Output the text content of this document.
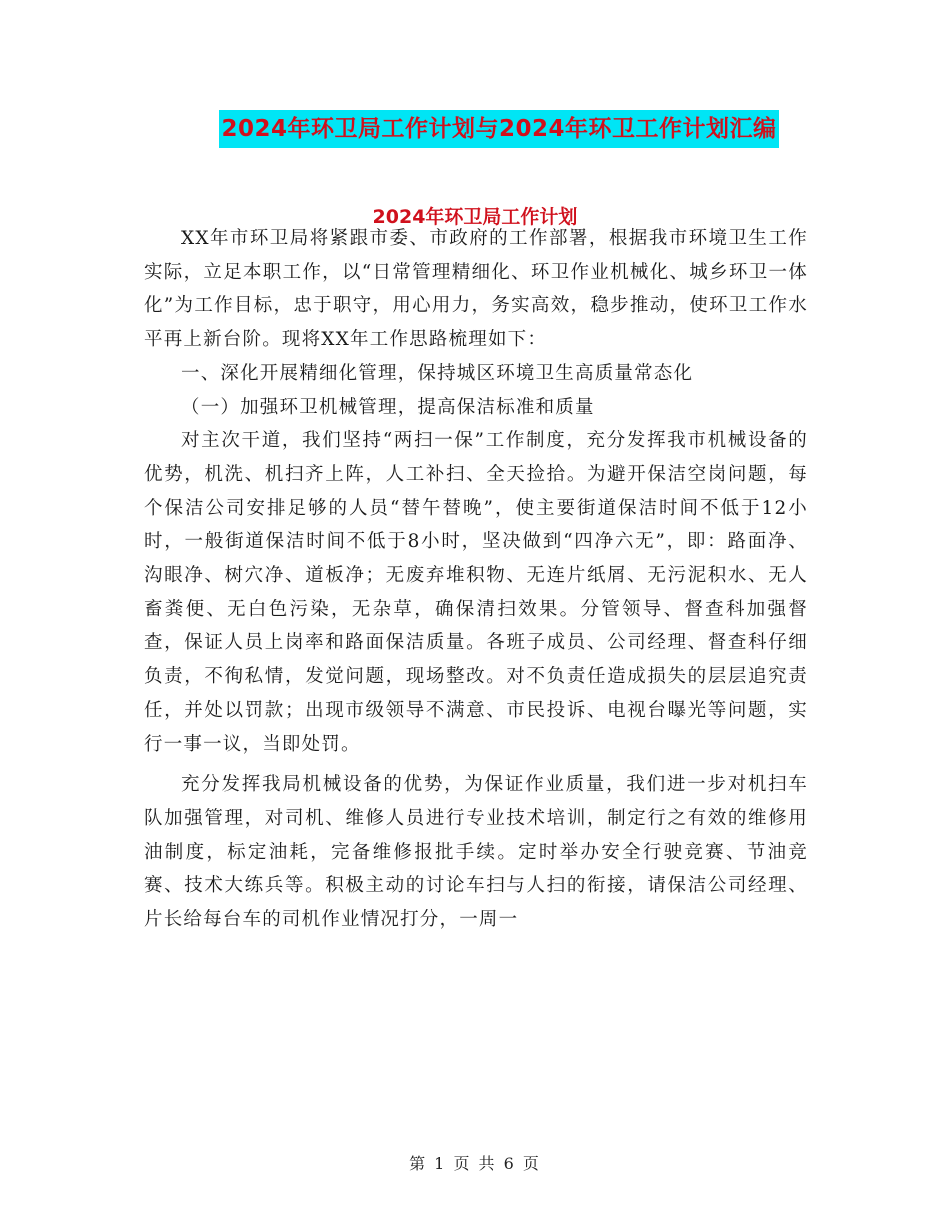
2024年环卫局工作计划与2024年环卫工作计划汇编
2024年环卫局工作计划

XX年市环卫局将紧跟市委、市政府的工作部署，根据我市环境卫生工作实际，立足本职工作，以“日常管理精细化、环卫作业机械化、城乡环卫一体化”为工作目标，忠于职守，用心用力，务实高效，稳步推动，使环卫工作水平再上新台阶。现将XX年工作思路梳理如下：

一、深化开展精细化管理，保持城区环境卫生高质量常态化

（一）加强环卫机械管理，提高保洁标准和质量

对主次干道，我们坚持“两扫一保”工作制度，充分发挥我市机械设备的优势，机洗、机扫齐上阵，人工补扫、全天捡拾。为避开保洁空岗问题，每个保洁公司安排足够的人员“替午替晚”，使主要街道保洁时间不低于12小时，一般街道保洁时间不低于8小时，坚决做到“四净六无”，即：路面净、沟眼净、树穴净、道板净；无废弃堆积物、无连片纸屑、无污泥积水、无人畜粪便、无白色污染，无杂草，确保清扫效果。分管领导、督查科加强督查，保证人员上岗率和路面保洁质量。各班子成员、公司经理、督查科仔细负责，不徇私情，发觉问题，现场整改。对不负责任造成损失的层层追究责任，并处以罚款；出现市级领导不满意、市民投诉、电视台曝光等问题，实行一事一议，当即处罚。

充分发挥我局机械设备的优势，为保证作业质量，我们进一步对机扫车队加强管理，对司机、维修人员进行专业技术培训，制定行之有效的维修用油制度，标定油耗，完备维修报批手续。定时举办安全行驶竞赛、节油竞赛、技术大练兵等。积极主动的讨论车扫与人扫的衔接，请保洁公司经理、片长给每台车的司机作业情况打分，一周一

第 1 页 共 6 页
